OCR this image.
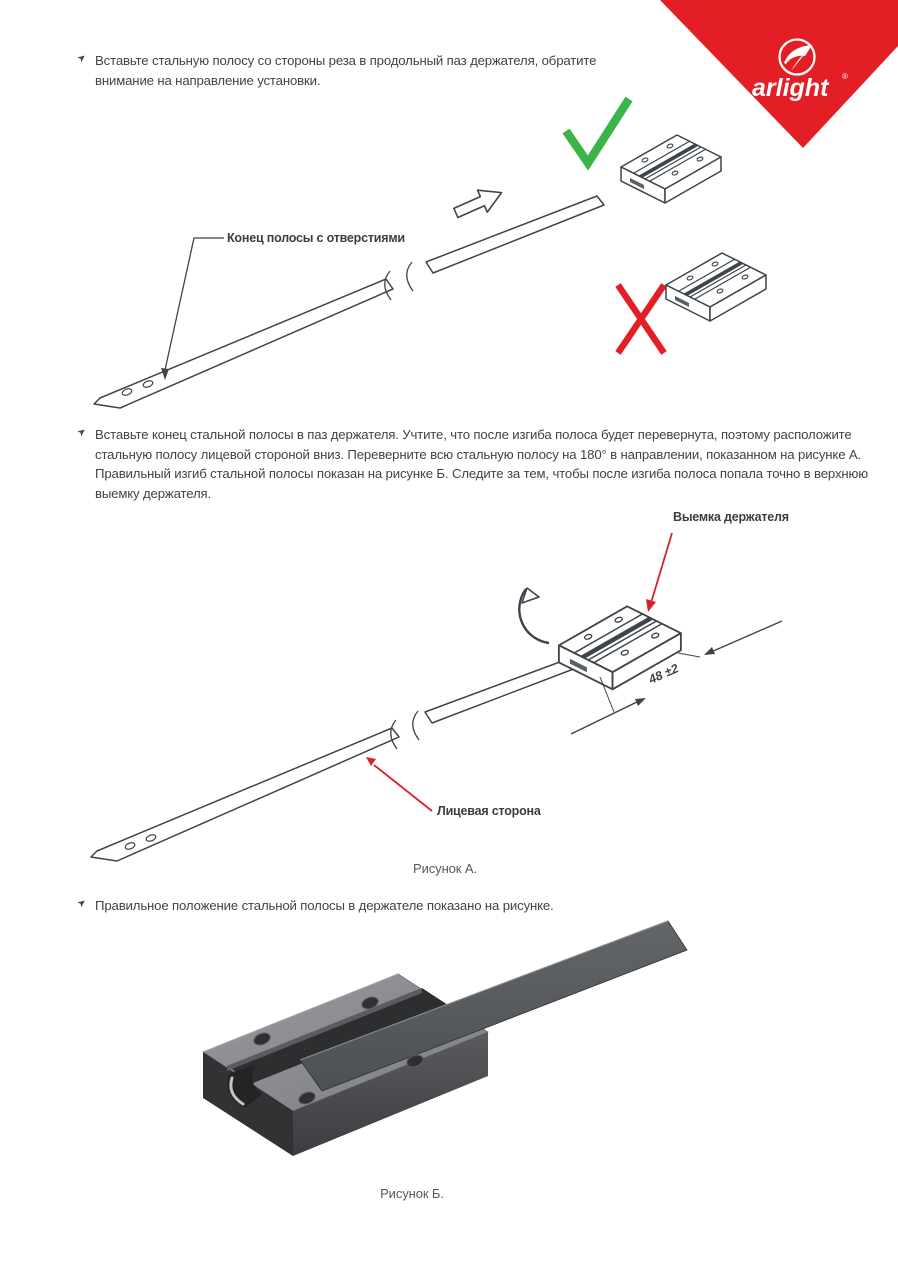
arlight ®
➤ Вставьте стальную полосу со стороны реза в продольный паз держателя, обратите внимание на направление установки.
Конец полосы с отверстиями
➤ Вставьте конец стальной полосы в паз держателя. Учтите, что после изгиба полоса будет перевернута, поэтому расположите стальную полосу лицевой стороной вниз. Переверните всю стальную полосу на 180° в направлении, показанном на рисунке А. Правильный изгиб стальной полосы показан на рисунке Б. Следите за тем, чтобы после изгиба полоса попала точно в верхнюю выемку держателя.
Выемка держателя
48 ±2
Лицевая сторона
Рисунок А.
➤ Правильное положение стальной полосы в держателе показано на рисунке.
Рисунок Б.
